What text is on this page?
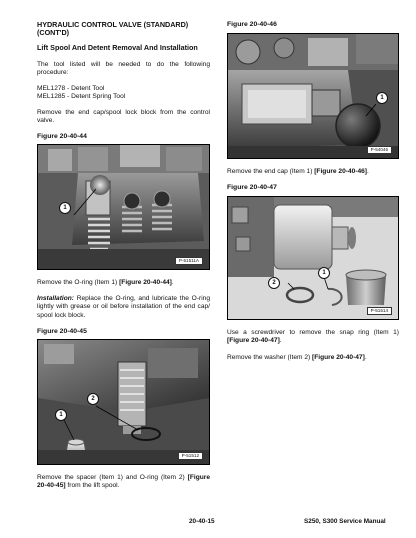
HYDRAULIC CONTROL VALVE (STANDARD)

(CONT'D)

Lift Spool And Detent Removal And Installation

The tool listed will be needed to do the following procedure:

MEL1278 - Detent Tool

MEL1285 - Detent Spring Tool

Remove the end cap/spool lock block from the control valve.

Figure 20-40-44

1
P-51511A

Remove the O-ring (Item 1) [Figure 20-40-44].

Installation: Replace the O-ring, and lubricate the O-ring lightly with grease or oil before installation of the end cap/ spool lock block.

Figure 20-40-45

1
2
P-51512

Remove the spacer (Item 1) and O-ring (Item 2) [Figure 20-40-45] from the lift spool.

Figure 20-40-46

1
P-54046

Remove the end cap (Item 1) [Figure 20-40-46].

Figure 20-40-47

1
2
P-51514

Use a screwdriver to remove the snap ring (Item 1) [Figure 20-40-47].

Remove the washer (Item 2) [Figure 20-40-47].

20-40-15	S250, S300 Service Manual
